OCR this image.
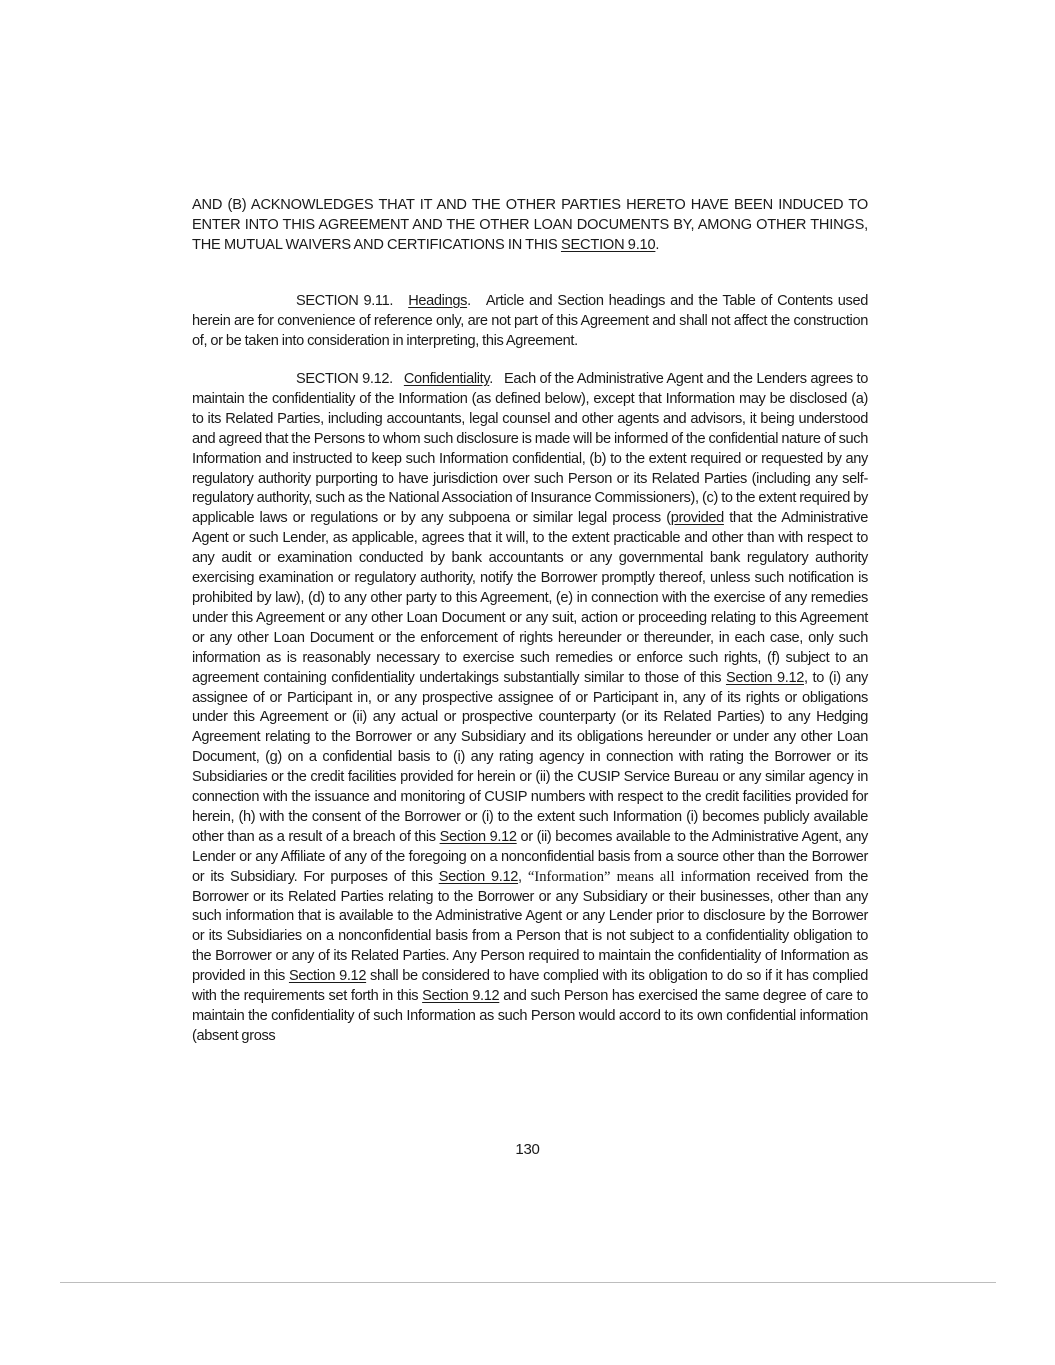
AND (B) ACKNOWLEDGES THAT IT AND THE OTHER PARTIES HERETO HAVE BEEN INDUCED TO ENTER INTO THIS AGREEMENT AND THE OTHER LOAN DOCUMENTS BY, AMONG OTHER THINGS, THE MUTUAL WAIVERS AND CERTIFICATIONS IN THIS SECTION 9.10.

SECTION 9.11. Headings. Article and Section headings and the Table of Contents used herein are for convenience of reference only, are not part of this Agreement and shall not affect the construction of, or be taken into consideration in interpreting, this Agreement.

SECTION 9.12. Confidentiality. Each of the Administrative Agent and the Lenders agrees to maintain the confidentiality of the Information (as defined below), except that Information may be disclosed (a) to its Related Parties, including accountants, legal counsel and other agents and advisors, it being understood and agreed that the Persons to whom such disclosure is made will be informed of the confidential nature of such Information and instructed to keep such Information confidential, (b) to the extent required or requested by any regulatory authority purporting to have jurisdiction over such Person or its Related Parties (including any self-regulatory authority, such as the National Association of Insurance Commissioners), (c) to the extent required by applicable laws or regulations or by any subpoena or similar legal process (provided that the Administrative Agent or such Lender, as applicable, agrees that it will, to the extent practicable and other than with respect to any audit or examination conducted by bank accountants or any governmental bank regulatory authority exercising examination or regulatory authority, notify the Borrower promptly thereof, unless such notification is prohibited by law), (d) to any other party to this Agreement, (e) in connection with the exercise of any remedies under this Agreement or any other Loan Document or any suit, action or proceeding relating to this Agreement or any other Loan Document or the enforcement of rights hereunder or thereunder, in each case, only such information as is reasonably necessary to exercise such remedies or enforce such rights, (f) subject to an agreement containing confidentiality undertakings substantially similar to those of this Section 9.12, to (i) any assignee of or Participant in, or any prospective assignee of or Participant in, any of its rights or obligations under this Agreement or (ii) any actual or prospective counterparty (or its Related Parties) to any Hedging Agreement relating to the Borrower or any Subsidiary and its obligations hereunder or under any other Loan Document, (g) on a confidential basis to (i) any rating agency in connection with rating the Borrower or its Subsidiaries or the credit facilities provided for herein or (ii) the CUSIP Service Bureau or any similar agency in connection with the issuance and monitoring of CUSIP numbers with respect to the credit facilities provided for herein, (h) with the consent of the Borrower or (i) to the extent such Information (i) becomes publicly available other than as a result of a breach of this Section 9.12 or (ii) becomes available to the Administrative Agent, any Lender or any Affiliate of any of the foregoing on a nonconfidential basis from a source other than the Borrower or its Subsidiary. For purposes of this Section 9.12, “Information” means all information received from the Borrower or its Related Parties relating to the Borrower or any Subsidiary or their businesses, other than any such information that is available to the Administrative Agent or any Lender prior to disclosure by the Borrower or its Subsidiaries on a nonconfidential basis from a Person that is not subject to a confidentiality obligation to the Borrower or any of its Related Parties. Any Person required to maintain the confidentiality of Information as provided in this Section 9.12 shall be considered to have complied with its obligation to do so if it has complied with the requirements set forth in this Section 9.12 and such Person has exercised the same degree of care to maintain the confidentiality of such Information as such Person would accord to its own confidential information (absent gross

130
